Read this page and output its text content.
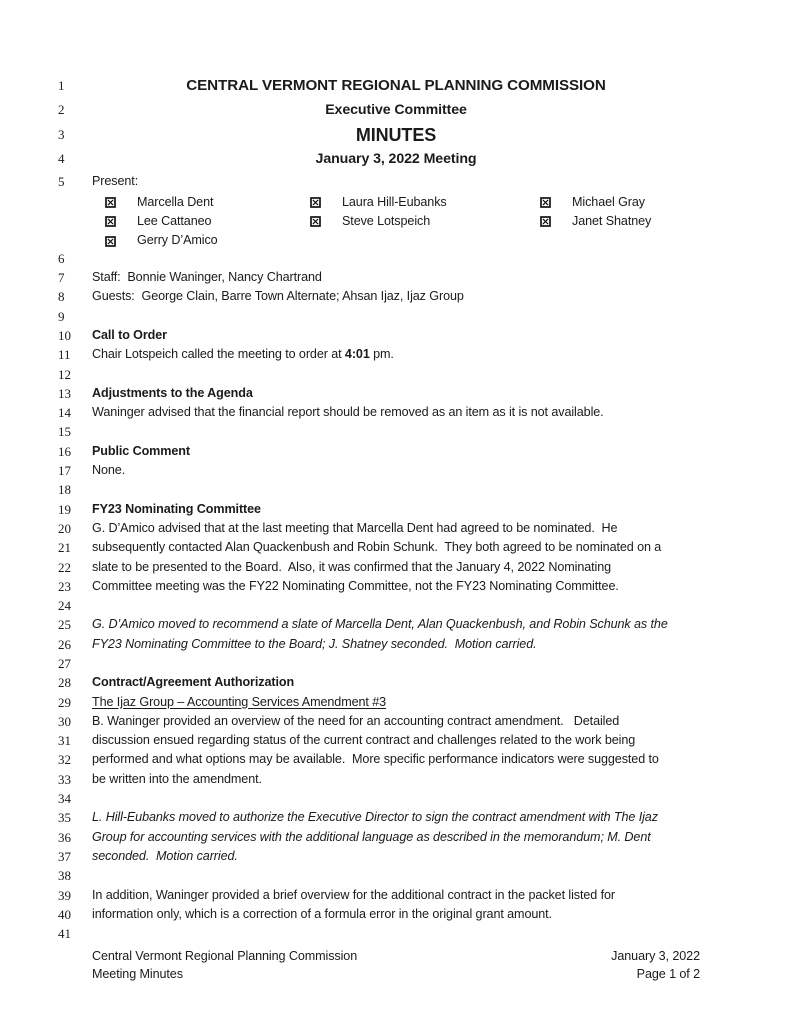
1	CENTRAL VERMONT REGIONAL PLANNING COMMISSION
2	Executive Committee
3	MINUTES
4	January 3, 2022 Meeting
5	Present:
Marcella Dent	Laura Hill-Eubanks	Michael Gray
Lee Cattaneo	Steve Lotspeich	Janet Shatney
Gerry D’Amico
6
7	Staff:  Bonnie Waninger, Nancy Chartrand
8	Guests:  George Clain, Barre Town Alternate; Ahsan Ijaz, Ijaz Group
9
10	Call to Order
11	Chair Lotspeich called the meeting to order at 4:01 pm.
12
13	Adjustments to the Agenda
14	Waninger advised that the financial report should be removed as an item as it is not available.
15
16	Public Comment
17	None.
18
19	FY23 Nominating Committee
20	G. D’Amico advised that at the last meeting that Marcella Dent had agreed to be nominated.  He
21	subsequently contacted Alan Quackenbush and Robin Schunk.  They both agreed to be nominated on a
22	slate to be presented to the Board.  Also, it was confirmed that the January 4, 2022 Nominating
23	Committee meeting was the FY22 Nominating Committee, not the FY23 Nominating Committee.
24
25	G. D’Amico moved to recommend a slate of Marcella Dent, Alan Quackenbush, and Robin Schunk as the
26	FY23 Nominating Committee to the Board; J. Shatney seconded.  Motion carried.
27
28	Contract/Agreement Authorization
29	The Ijaz Group – Accounting Services Amendment #3
30	B. Waninger provided an overview of the need for an accounting contract amendment.   Detailed
31	discussion ensued regarding status of the current contract and challenges related to the work being
32	performed and what options may be available.  More specific performance indicators were suggested to
33	be written into the amendment.
34
35	L. Hill-Eubanks moved to authorize the Executive Director to sign the contract amendment with The Ijaz
36	Group for accounting services with the additional language as described in the memorandum; M. Dent
37	seconded.  Motion carried.
38
39	In addition, Waninger provided a brief overview for the additional contract in the packet listed for
40	information only, which is a correction of a formula error in the original grant amount.
41
Central Vermont Regional Planning Commission
Meeting Minutes
January 3, 2022
Page 1 of 2
